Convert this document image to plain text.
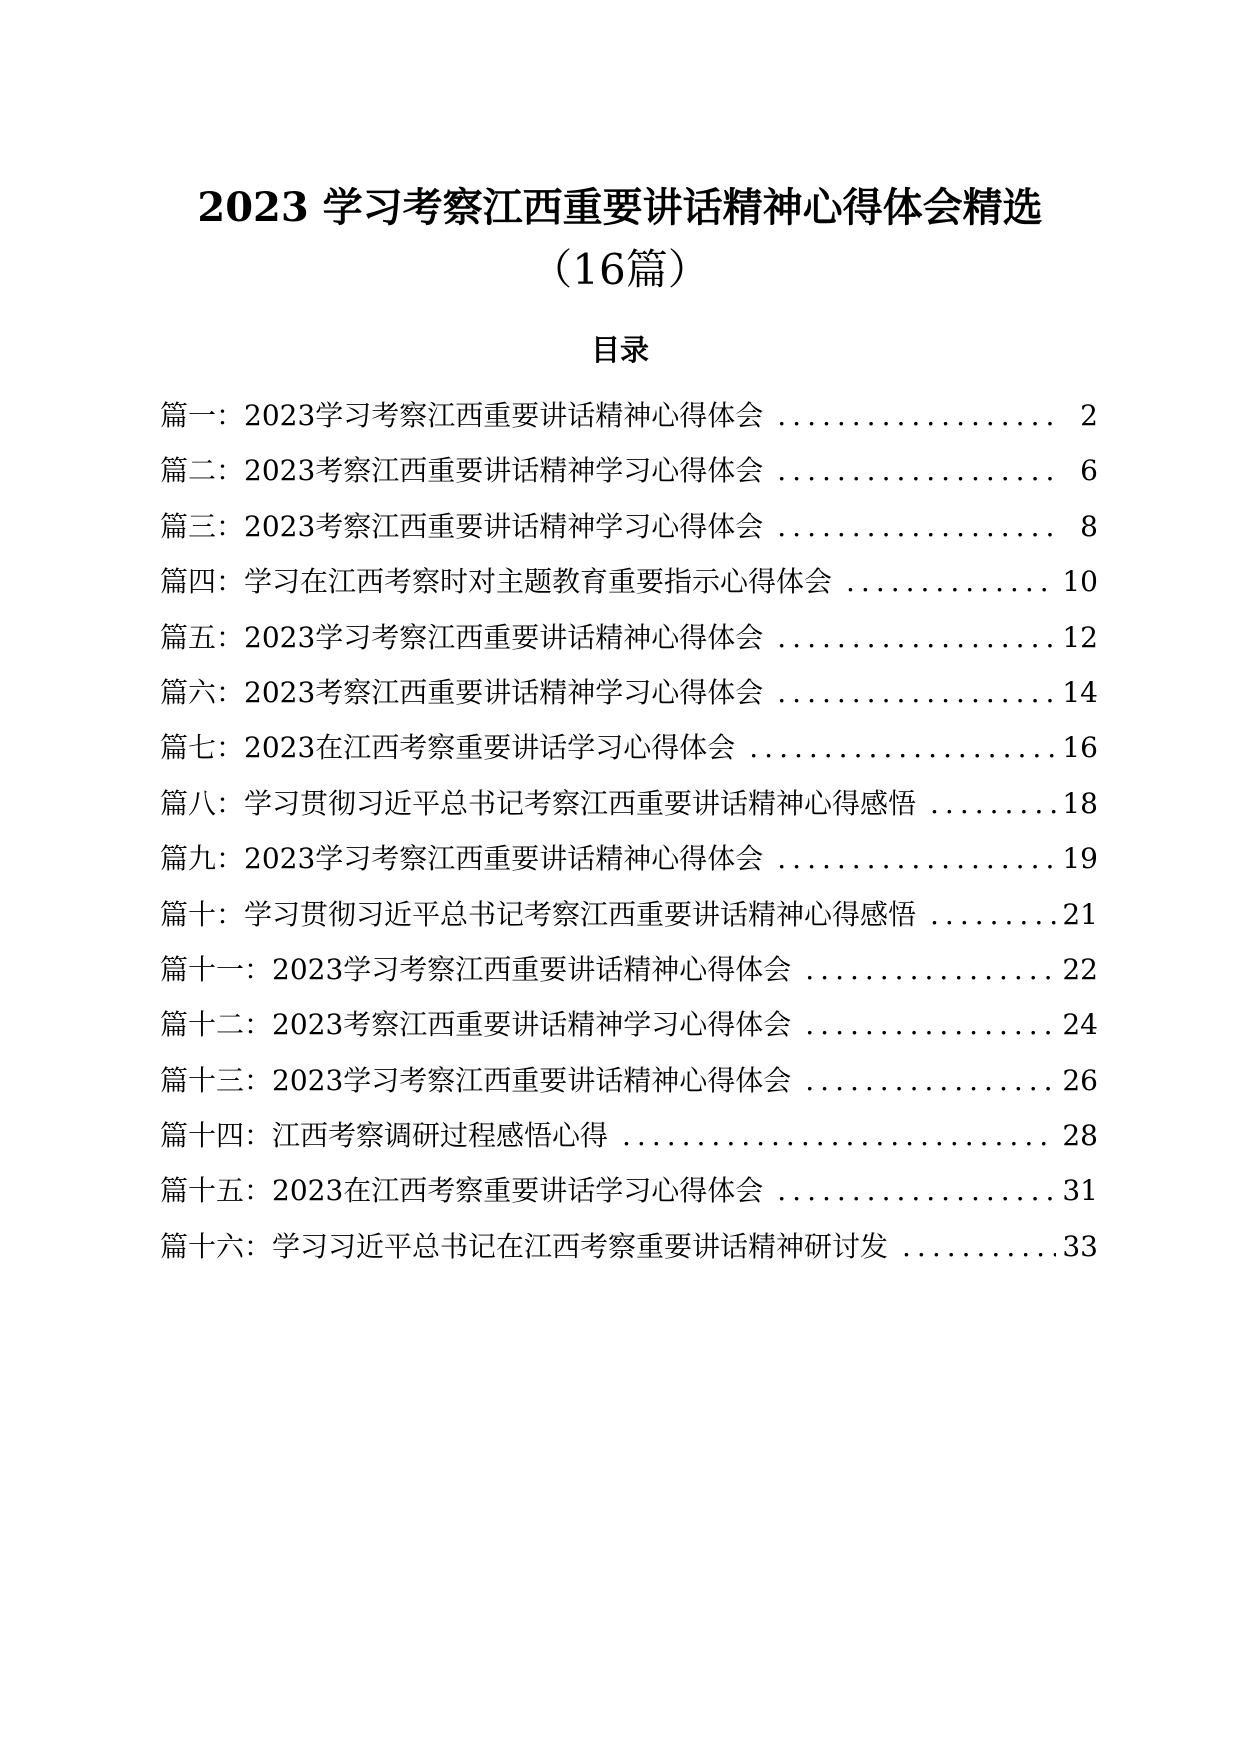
2023 学习考察江西重要讲话精神心得体会精选
（16篇）
目录
篇一：2023学习考察江西重要讲话精神心得体会 .....	2
篇二：2023考察江西重要讲话精神学习心得体会 .....	6
篇三：2023考察江西重要讲话精神学习心得体会 .....	8
篇四：学习在江西考察时对主题教育重要指示心得体会 .....	10
篇五：2023学习考察江西重要讲话精神心得体会 .....	12
篇六：2023考察江西重要讲话精神学习心得体会 .....	14
篇七：2023在江西考察重要讲话学习心得体会 .....	16
篇八：学习贯彻习近平总书记考察江西重要讲话精神心得感悟 .....	18
篇九：2023学习考察江西重要讲话精神心得体会 .....	19
篇十：学习贯彻习近平总书记考察江西重要讲话精神心得感悟 .....	21
篇十一：2023学习考察江西重要讲话精神心得体会 .....	22
篇十二：2023考察江西重要讲话精神学习心得体会 .....	24
篇十三：2023学习考察江西重要讲话精神心得体会 .....	26
篇十四：江西考察调研过程感悟心得 .....	28
篇十五：2023在江西考察重要讲话学习心得体会 .....	31
篇十六：学习习近平总书记在江西考察重要讲话精神研讨发 .....	33
